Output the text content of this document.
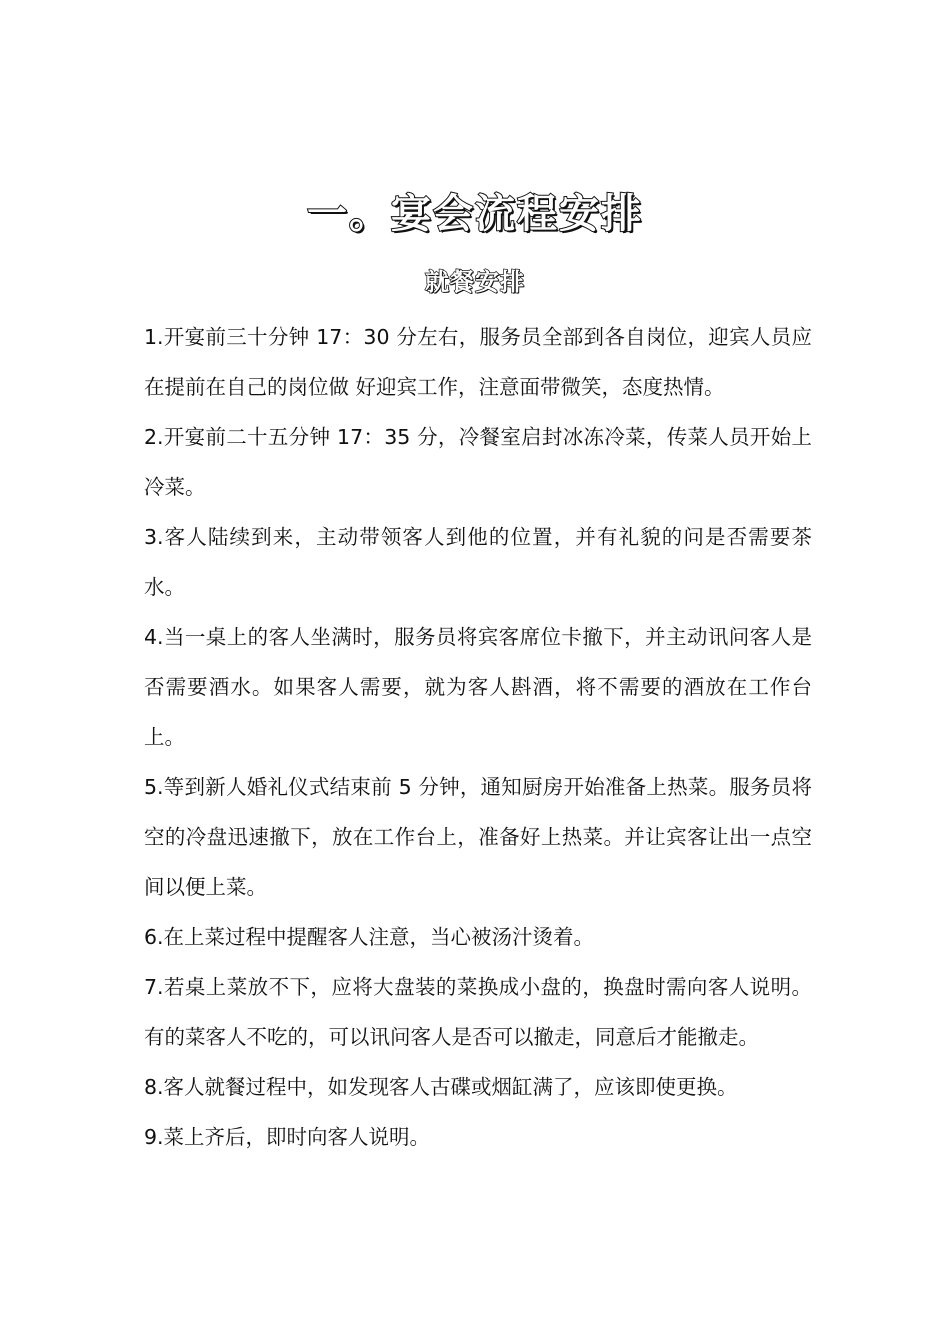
一。宴会流程安排
就餐安排

1.开宴前三十分钟 17：30 分左右，服务员全部到各自岗位，迎宾人员应在提前在自己的岗位做 好迎宾工作，注意面带微笑，态度热情。

2.开宴前二十五分钟 17：35 分，冷餐室启封冰冻冷菜，传菜人员开始上冷菜。

3.客人陆续到来，主动带领客人到他的位置，并有礼貌的问是否需要茶水。

4.当一桌上的客人坐满时，服务员将宾客席位卡撤下，并主动讯问客人是否需要酒水。如果客人需要，就为客人斟酒，将不需要的酒放在工作台上。

5.等到新人婚礼仪式结束前 5 分钟，通知厨房开始准备上热菜。服务员将空的冷盘迅速撤下，放在工作台上，准备好上热菜。并让宾客让出一点空间以便上菜。

6.在上菜过程中提醒客人注意，当心被汤汁烫着。

7.若桌上菜放不下，应将大盘装的菜换成小盘的，换盘时需向客人说明。有的菜客人不吃的，可以讯问客人是否可以撤走，同意后才能撤走。

8.客人就餐过程中，如发现客人古碟或烟缸满了，应该即使更换。

9.菜上齐后，即时向客人说明。
